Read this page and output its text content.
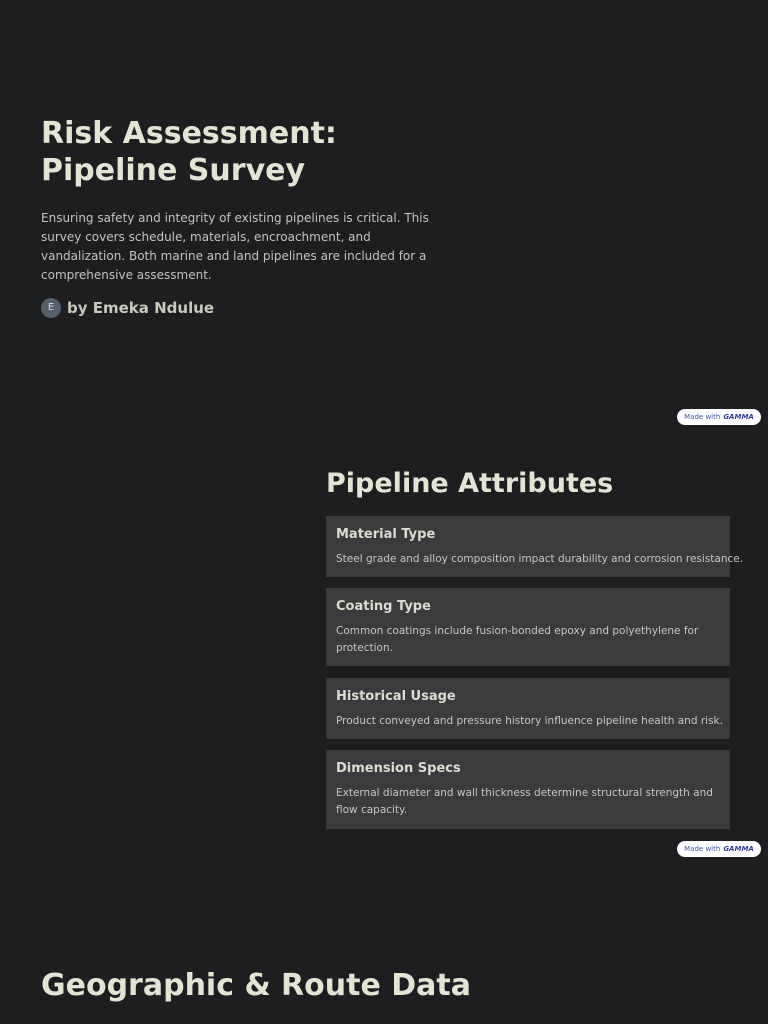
Risk Assessment: Pipeline Survey

Ensuring safety and integrity of existing pipelines is critical. This survey covers schedule, materials, encroachment, and vandalization. Both marine and land pipelines are included for a comprehensive assessment.

E by Emeka Ndulue
Made with GAMMA
Pipeline Attributes
Material Type

Steel grade and alloy composition impact durability and corrosion resistance.

Coating Type

Common coatings include fusion-bonded epoxy and polyethylene for protection.

Historical Usage

Product conveyed and pressure history influence pipeline health and risk.

Dimension Specs

External diameter and wall thickness determine structural strength and flow capacity.

Made with GAMMA
Geographic & Route Data
